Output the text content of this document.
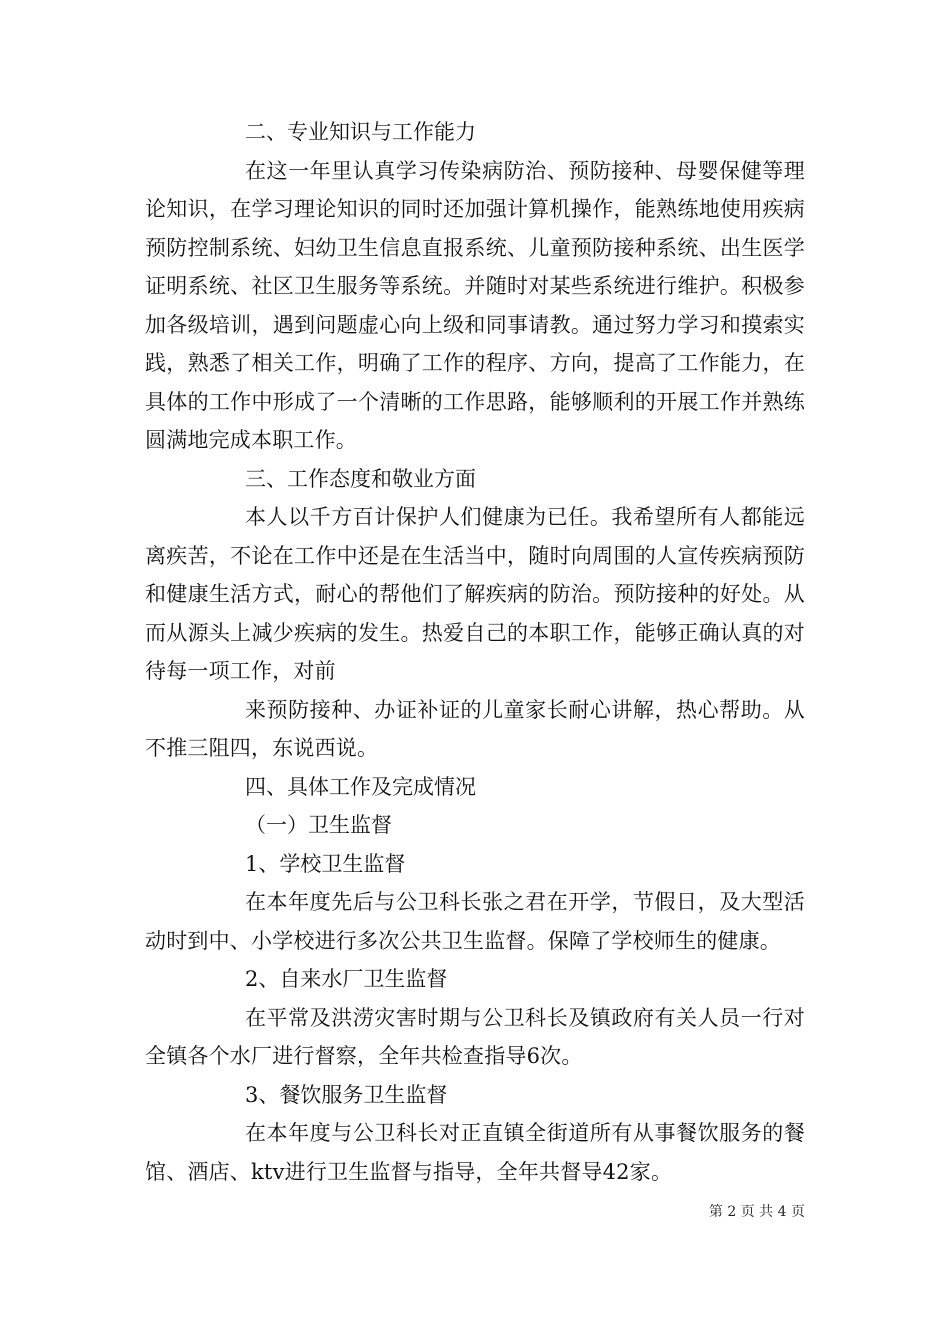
二、专业知识与工作能力

在这一年里认真学习传染病防治、预防接种、母婴保健等理论知识，在学习理论知识的同时还加强计算机操作，能熟练地使用疾病预防控制系统、妇幼卫生信息直报系统、儿童预防接种系统、出生医学证明系统、社区卫生服务等系统。并随时对某些系统进行维护。积极参加各级培训，遇到问题虚心向上级和同事请教。通过努力学习和摸索实践，熟悉了相关工作，明确了工作的程序、方向，提高了工作能力，在具体的工作中形成了一个清晰的工作思路，能够顺利的开展工作并熟练圆满地完成本职工作。

三、工作态度和敬业方面

本人以千方百计保护人们健康为已任。我希望所有人都能远离疾苦，不论在工作中还是在生活当中，随时向周围的人宣传疾病预防和健康生活方式，耐心的帮他们了解疾病的防治。预防接种的好处。从而从源头上减少疾病的发生。热爱自己的本职工作，能够正确认真的对待每一项工作，对前

来预防接种、办证补证的儿童家长耐心讲解，热心帮助。从不推三阻四，东说西说。

四、具体工作及完成情况

（一）卫生监督

1、学校卫生监督

在本年度先后与公卫科长张之君在开学，节假日，及大型活动时到中、小学校进行多次公共卫生监督。保障了学校师生的健康。

2、自来水厂卫生监督

在平常及洪涝灾害时期与公卫科长及镇政府有关人员一行对全镇各个水厂进行督察，全年共检查指导6次。

3、餐饮服务卫生监督

在本年度与公卫科长对正直镇全街道所有从事餐饮服务的餐馆、酒店、ktv进行卫生监督与指导，全年共督导42家。

第 2 页 共 4 页
